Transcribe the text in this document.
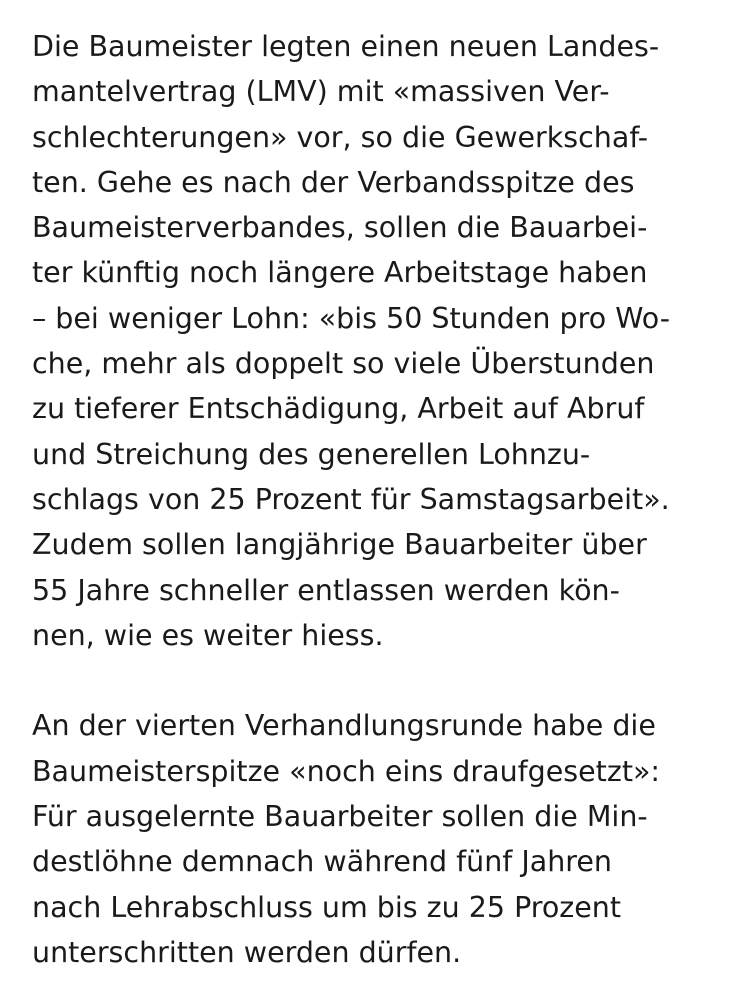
Die Baumeister legten einen neuen Landes-
mantelvertrag (LMV) mit «massiven Ver-
schlechterungen» vor, so die Gewerkschaf-
ten. Gehe es nach der Verbandsspitze des
Baumeisterverbandes, sollen die Bauarbei-
ter künftig noch längere Arbeitstage haben
– bei weniger Lohn: «bis 50 Stunden pro Wo-
che, mehr als doppelt so viele Überstunden
zu tieferer Entschädigung, Arbeit auf Abruf
und Streichung des generellen Lohnzu-
schlags von 25 Prozent für Samstagsarbeit».
Zudem sollen langjährige Bauarbeiter über
55 Jahre schneller entlassen werden kön-
nen, wie es weiter hiess.

An der vierten Verhandlungsrunde habe die
Baumeisterspitze «noch eins draufgesetzt»:
Für ausgelernte Bauarbeiter sollen die Min-
destlöhne demnach während fünf Jahren
nach Lehrabschluss um bis zu 25 Prozent
unterschritten werden dürfen.
